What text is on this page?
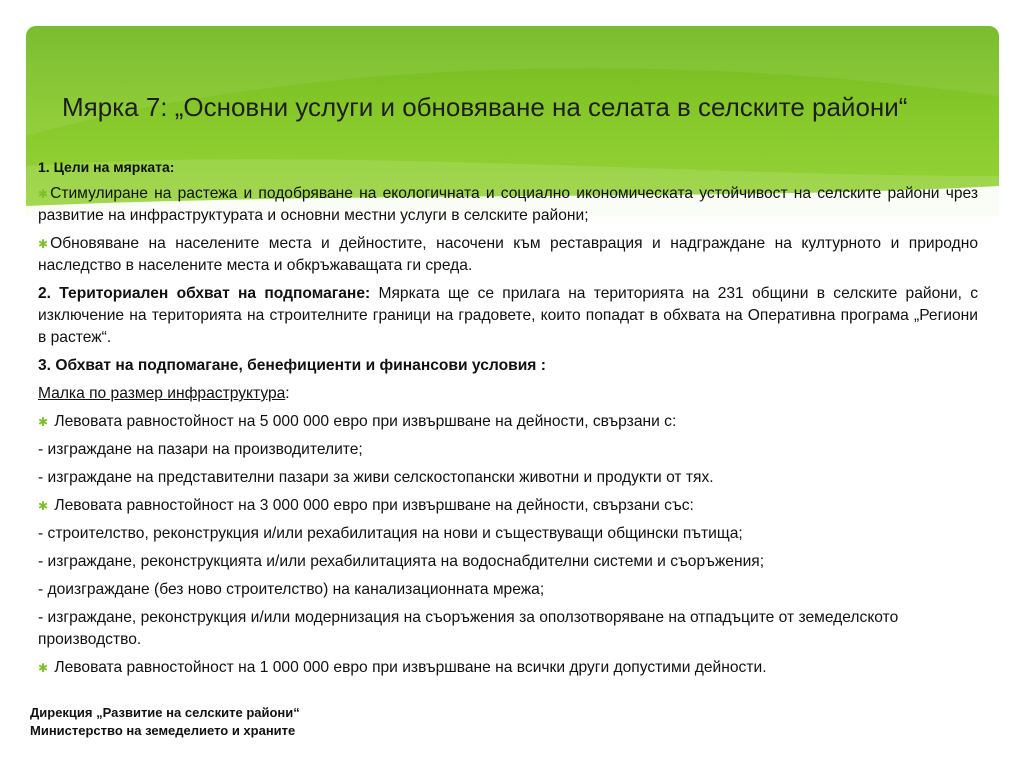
Мярка 7: „Основни услуги и обновяване на селата в селските райони“

1. Цели на мярката:

✱ Стимулиране на растежа и подобряване на екологичната и социално икономическата устойчивост на селските райони чрез развитие на инфраструктурата и основни местни услуги в селските райони;

✱ Обновяване на населените места и дейностите, насочени към реставрация и надграждане на културното и природно наследство в населените места и обкръжаващата ги среда.

2. Териториален обхват на подпомагане: Мярката ще се прилага на територията на 231 общини в селските райони, с изключение на територията на строителните граници на градовете, които попадат в обхвата на Оперативна програма „Региони в растеж“.

3. Обхват на подпомагане, бенефициенти и финансови условия :

Малка по размер инфраструктура:

✱ Левовата равностойност на 5 000 000 евро при извършване на дейности, свързани с:

- изграждане на пазари на производителите;

- изграждане на представителни пазари за живи селскостопански животни и продукти от тях.

✱ Левовата равностойност на 3 000 000 евро при извършване на дейности, свързани със:

- строителство, реконструкция и/или рехабилитация на нови и съществуващи общински пътища;

- изграждане, реконструкцията и/или рехабилитацията на водоснабдителни системи и съоръжения;

- доизграждане (без ново строителство) на канализационната мрежа;

- изграждане, реконструкция и/или модернизация на съоръжения за оползотворяване на отпадъците от земеделското производство.

✱ Левовата равностойност на 1 000 000 евро при извършване на всички други допустими дейности.

Дирекция „Развитие на селските райони“
Министерство на земеделието и храните
